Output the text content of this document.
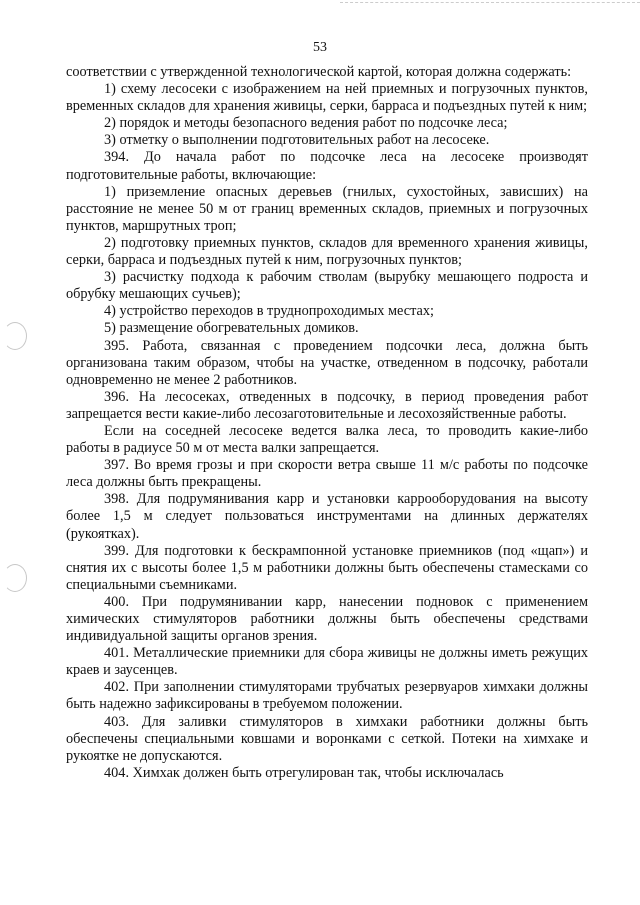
53

соответствии с утвержденной технологической картой, которая должна содержать:

1) схему лесосеки с изображением на ней приемных и погрузочных пунктов, временных складов для хранения живицы, серки, барраса и подъездных путей к ним;

2) порядок и методы безопасного ведения работ по подсочке леса;

3) отметку о выполнении подготовительных работ на лесосеке.

394. До начала работ по подсочке леса на лесосеке производят подготовительные работы, включающие:

1) приземление опасных деревьев (гнилых, сухостойных, зависших) на расстояние не менее 50 м от границ временных складов, приемных и погрузочных пунктов, маршрутных троп;

2) подготовку приемных пунктов, складов для временного хранения живицы, серки, барраса и подъездных путей к ним, погрузочных пунктов;

3) расчистку подхода к рабочим стволам (вырубку мешающего подроста и обрубку мешающих сучьев);

4) устройство переходов в труднопроходимых местах;

5) размещение обогревательных домиков.

395. Работа, связанная с проведением подсочки леса, должна быть организована таким образом, чтобы на участке, отведенном в подсочку, работали одновременно не менее 2 работников.

396. На лесосеках, отведенных в подсочку, в период проведения работ запрещается вести какие-либо лесозаготовительные и лесохозяйственные работы.

Если на соседней лесосеке ведется валка леса, то проводить какие-либо работы в радиусе 50 м от места валки запрещается.

397. Во время грозы и при скорости ветра свыше 11 м/с работы по подсочке леса должны быть прекращены.

398. Для подрумянивания карр и установки каррооборудования на высоту более 1,5 м следует пользоваться инструментами на длинных держателях (рукоятках).

399. Для подготовки к бескрампонной установке приемников (под «щап») и снятия их с высоты более 1,5 м работники должны быть обеспечены стамесками со специальными съемниками.

400. При подрумянивании карр, нанесении подновок с применением химических стимуляторов работники должны быть обеспечены средствами индивидуальной защиты органов зрения.

401. Металлические приемники для сбора живицы не должны иметь режущих краев и заусенцев.

402. При заполнении стимуляторами трубчатых резервуаров химхаки должны быть надежно зафиксированы в требуемом положении.

403. Для заливки стимуляторов в химхаки работники должны быть обеспечены специальными ковшами и воронками с сеткой. Потеки на химхаке и рукоятке не допускаются.

404. Химхак должен быть отрегулирован так, чтобы исключалась
